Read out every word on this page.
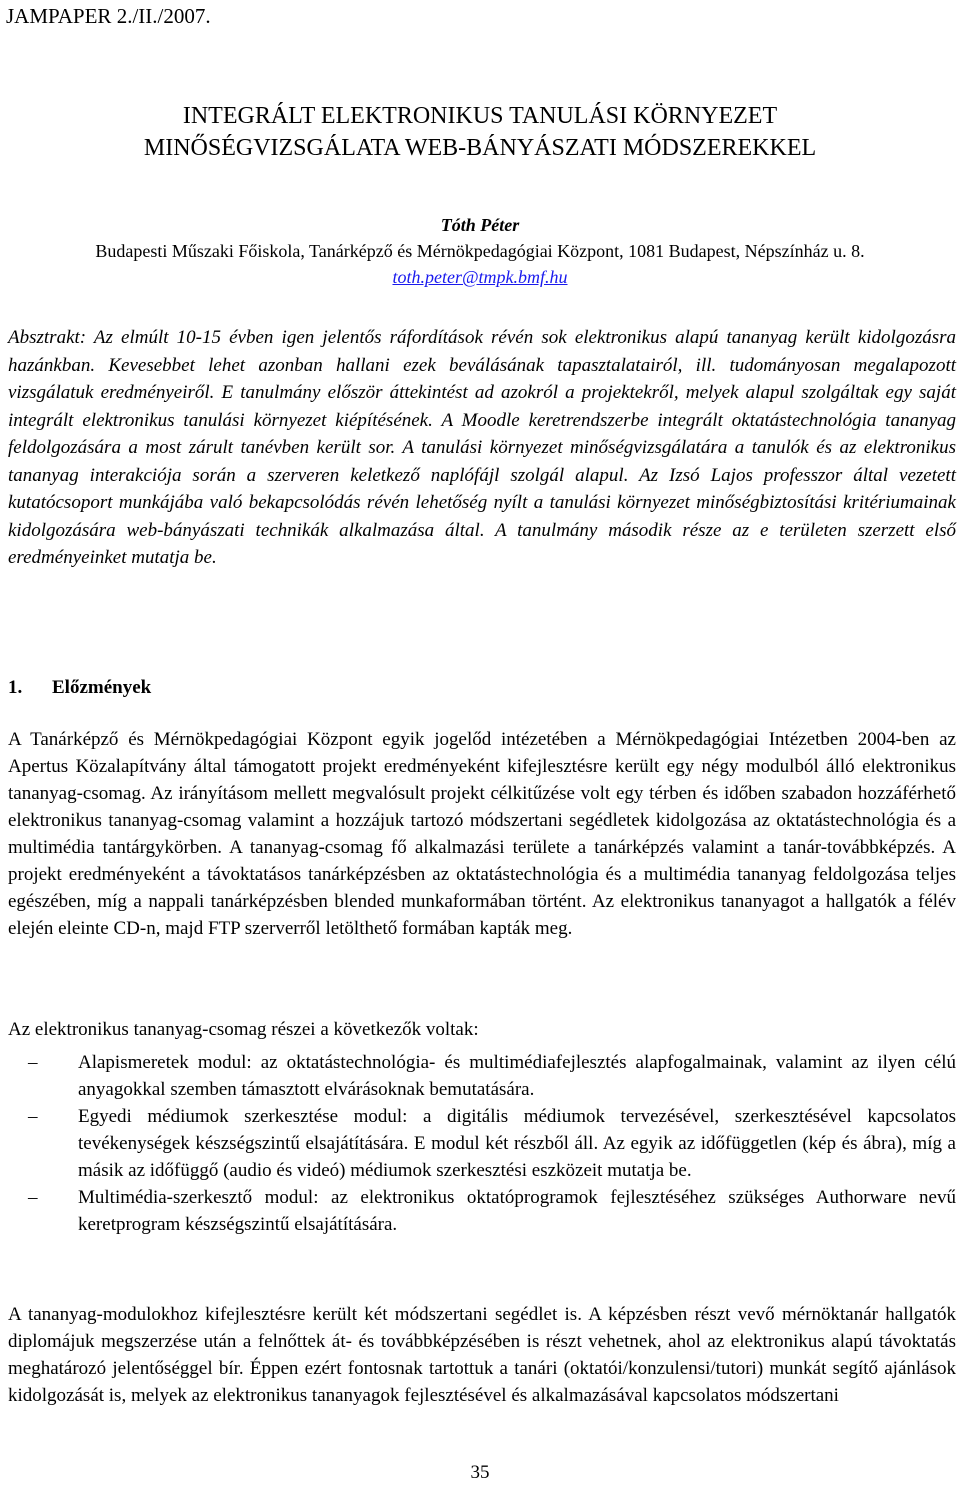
JAMPAPER 2./II./2007.
INTEGRÁLT ELEKTRONIKUS TANULÁSI KÖRNYEZET
MINŐSÉGVIZSGÁLATA WEB-BÁNYÁSZATI MÓDSZEREKKEL
Tóth Péter
Budapesti Műszaki Főiskola, Tanárképző és Mérnökpedagógiai Központ, 1081 Budapest, Népszínház u. 8.
toth.peter@tmpk.bmf.hu

Absztrakt: Az elmúlt 10-15 évben igen jelentős ráfordítások révén sok elektronikus alapú tananyag került kidolgozásra hazánkban. Kevesebbet lehet azonban hallani ezek beválásának tapasztalatairól, ill. tudományosan megalapozott vizsgálatuk eredményeiről. E tanulmány először áttekintést ad azokról a projektekről, melyek alapul szolgáltak egy saját integrált elektronikus tanulási környezet kiépítésének. A Moodle keretrendszerbe integrált oktatástechnológia tananyag feldolgozására a most zárult tanévben került sor. A tanulási környezet minőségvizsgálatára a tanulók és az elektronikus tananyag interakciója során a szerveren keletkező naplófájl szolgál alapul. Az Izsó Lajos professzor által vezetett kutatócsoport munkájába való bekapcsolódás révén lehetőség nyílt a tanulási környezet minőségbiztosítási kritériumainak kidolgozására web-bányászati technikák alkalmazása által. A tanulmány második része az e területen szerzett első eredményeinket mutatja be.

1. Előzmények

A Tanárképző és Mérnökpedagógiai Központ egyik jogelőd intézetében a Mérnökpedagógiai Intézetben 2004-ben az Apertus Közalapítvány által támogatott projekt eredményeként kifejlesztésre került egy négy modulból álló elektronikus tananyag-csomag. Az irányításom mellett megvalósult projekt célkitűzése volt egy térben és időben szabadon hozzáférhető elektronikus tananyag-csomag valamint a hozzájuk tartozó módszertani segédletek kidolgozása az oktatástechnológia és a multimédia tantárgykörben. A tananyag-csomag fő alkalmazási területe a tanárképzés valamint a tanár-továbbképzés. A projekt eredményeként a távoktatásos tanárképzésben az oktatástechnológia és a multimédia tananyag feldolgozása teljes egészében, míg a nappali tanárképzésben blended munkaformában történt. Az elektronikus tananyagot a hallgatók a félév elején eleinte CD-n, majd FTP szerverről letölthető formában kapták meg.

Az elektronikus tananyag-csomag részei a következők voltak:

– Alapismeretek modul: az oktatástechnológia- és multimédiafejlesztés alapfogalmainak, valamint az ilyen célú anyagokkal szemben támasztott elvárásoknak bemutatására.
– Egyedi médiumok szerkesztése modul: a digitális médiumok tervezésével, szerkesztésével kapcsolatos tevékenységek készségszintű elsajátítására. E modul két részből áll. Az egyik az időfüggetlen (kép és ábra), míg a másik az időfüggő (audio és videó) médiumok szerkesztési eszközeit mutatja be.
– Multimédia-szerkesztő modul: az elektronikus oktatóprogramok fejlesztéséhez szükséges Authorware nevű keretprogram készségszintű elsajátítására.

A tananyag-modulokhoz kifejlesztésre került két módszertani segédlet is. A képzésben részt vevő mérnöktanár hallgatók diplomájuk megszerzése után a felnőttek át- és továbbképzésében is részt vehetnek, ahol az elektronikus alapú távoktatás meghatározó jelentőséggel bír. Éppen ezért fontosnak tartottuk a tanári (oktatói/konzulensi/tutori) munkát segítő ajánlások kidolgozását is, melyek az elektronikus tananyagok fejlesztésével és alkalmazásával kapcsolatos módszertani

35
